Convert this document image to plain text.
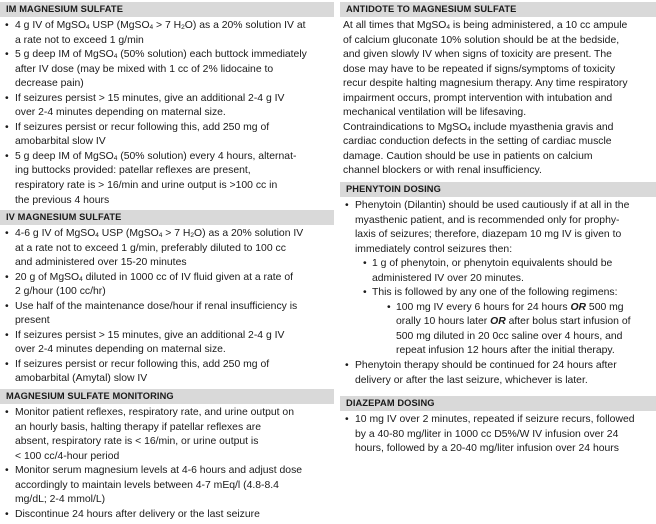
IM MAGNESIUM SULFATE
• 4 g IV of MgSO$_4$ USP (MgSO$_4$ > 7 $H_2O$) as a 20% solution IV at
a rate not to exceed 1 g/min
• 5 g deep IM of MgSO$_4$ (50% solution) each buttock immediately
after IV dose (may be mixed with 1 cc of 2% lidocaine to
decrease pain)
• If seizures persist > 15 minutes, give an additional 2-4 g IV
over 2-4 minutes depending on maternal size.
• If seizures persist or recur following this, add 250 mg of
amobarbital slow IV
• 5 g deep IM of MgSO$_4$ (50% solution) every 4 hours, alternat-
ing buttocks provided: patellar reflexes are present,
respiratory rate is > 16/min and urine output is >100 cc in
the previous 4 hours
IV MAGNESIUM SULFATE
• 4-6 g IV of MgSO$_4$ USP (MgSO$_4$ > 7 $H_2O$) as a 20% solution IV
at a rate not to exceed 1 g/min, preferably diluted to 100 cc
and administered over 15-20 minutes
• 20 g of MgSO$_4$ diluted in 1000 cc of IV fluid given at a rate of
2 g/hour (100 cc/hr)
• Use half of the maintenance dose/hour if renal insufficiency is
present
• If seizures persist > 15 minutes, give an additional 2-4 g IV
over 2-4 minutes depending on maternal size.
• If seizures persist or recur following this, add 250 mg of
amobarbital (Amytal) slow IV
MAGNESIUM SULFATE MONITORING
• Monitor patient reflexes, respiratory rate, and urine output on
an hourly basis, halting therapy if patellar reflexes are
absent, respiratory rate is < 16/min, or urine output is
< 100 cc/4-hour period
• Monitor serum magnesium levels at 4-6 hours and adjust dose
accordingly to maintain levels between 4-7 mEq/l (4.8-8.4
mg/dL; 2-4 mmol/L)
• Discontinue 24 hours after delivery or the last seizure
ANTIDOTE TO MAGNESIUM SULFATE
At all times that MgSO$_4$ is being administered, a 10 cc ampule
of calcium gluconate 10% solution should be at the bedside,
and given slowly IV when signs of toxicity are present. The
dose may have to be repeated if signs/symptoms of toxicity
recur despite halting magnesium therapy. Any time respiratory
impairment occurs, prompt intervention with intubation and
mechanical ventilation will be lifesaving.
Contraindications to MgSO$_4$ include myasthenia gravis and
cardiac conduction defects in the setting of cardiac muscle
damage. Caution should be use in patients on calcium
channel blockers or with renal insufficiency.
PHENYTOIN DOSING
• Phenytoin (Dilantin) should be used cautiously if at all in the
myasthenic patient, and is recommended only for prophy-
laxis of seizures; therefore, diazepam 10 mg IV is given to
immediately control seizures then:
• 1 g of phenytoin, or phenytoin equivalents should be
administered IV over 20 minutes.
• This is followed by any one of the following regimens:
• 100 mg IV every 6 hours for 24 hours OR 500 mg
orally 10 hours later OR after bolus start infusion of
500 mg diluted in 20 0cc saline over 4 hours, and
repeat infusion 12 hours after the initial therapy.
• Phenytoin therapy should be continued for 24 hours after
delivery or after the last seizure, whichever is later.
DIAZEPAM DOSING
• 10 mg IV over 2 minutes, repeated if seizure recurs, followed
by a 40-80 mg/liter in 1000 cc D5%/W IV infusion over 24
hours, followed by a 20-40 mg/liter infusion over 24 hours
